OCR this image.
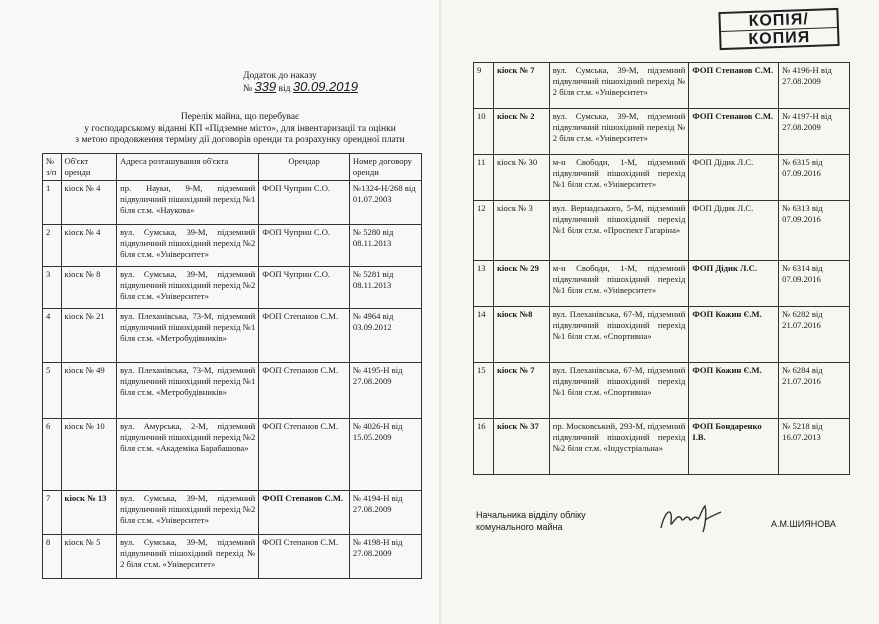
КОПІЯ/
КОПИЯ
Додаток до наказу
№ 339 від 30.09.2019
Перелік майна, що перебуває
у господарському віданні КП «Підземне місто», для інвентаризації та оцінки
з метою продовження терміну дії договорів оренди та розрахунку орендної плати
№ з/п	Об'єкт оренди	Адреса розташування об'єкта	Орендар	Номер договору оренди
1	кіоск № 4	пр. Науки, 9-М, підземний підвуличний пішохідний перехід №1 біля ст.м. «Наукова»	ФОП Чуприн С.О.	№1324-Н/268 від 01.07.2003
2	кіоск № 4	вул. Сумська, 39-М, підземний підвуличний пішохідний перехід №2 біля ст.м. «Університет»	ФОП Чуприн С.О.	№ 5280 від 08.11.2013
3	кіоск № 8	вул. Сумська, 39-М, підземний підвуличний пішохідний перехід №2 біля ст.м. «Університет»	ФОП Чуприн С.О.	№ 5281 від 08.11.2013
4	кіоск № 21	вул. Плеханівська, 73-М, підземний підвуличний пішохідний перехід №1 біля ст.м. «Метробудівників»	ФОП Степанов С.М.	№ 4964 від 03.09.2012
5	кіоск № 49	вул. Плеханівська, 73-М, підземний підвуличний пішохідний перехід №1 біля ст.м. «Метробудівників»	ФОП Степанов С.М.	№ 4195-Н від 27.08.2009
6	кіоск № 10	вул. Амурська, 2-М, підземний підвуличний пішохідний перехід №2 біля ст.м. «Академіка Барабашова»	ФОП Степанов С.М.	№ 4026-Н від 15.05.2009
7	кіоск № 13	вул. Сумська, 39-М, підземний підвуличний пішохідний перехід №2 біля ст.м. «Університет»	ФОП Степанов С.М.	№ 4194-Н від 27.08.2009
8	кіоск № 5	вул. Сумська, 39-М, підземний підвуличний пішохідний перехід № 2 біля ст.м. «Університет»	ФОП Степанов С.М.	№ 4198-Н від 27.08.2009
9	кіоск № 7	вул. Сумська, 39-М, підземний підвуличний пішохідний перехід № 2 біля ст.м. «Університет»	ФОП Степанов С.М.	№ 4196-Н від 27.08.2009
10	кіоск № 2	вул. Сумська, 39-М, підземний підвуличний пішохідний перехід № 2 біля ст.м. «Університет»	ФОП Степанов С.М.	№ 4197-Н від 27.08.2009
11	кіоск № 30	м-н Свободи, 1-М, підземний підвуличний пішохідний перехід №1 біля ст.м. «Університет»	ФОП Дідик Л.С.	№ 6315 від 07.09.2016
12	кіоск № 3	вул. Вернадського, 5-М, підземний підвуличний пішохідний перехід №1 біля ст.м. «Проспект Гагаріна»	ФОП Дідик Л.С.	№ 6313 від 07.09.2016
13	кіоск № 29	м-н Свободи, 1-М, підземний підвуличний пішохідний перехід №1 біля ст.м. «Університет»	ФОП Дідик Л.С.	№ 6314 від 07.09.2016
14	кіоск №8	вул. Плеханівська, 67-М, підземний підвуличний пішохідний перехід №1 біля ст.м. «Спортивна»	ФОП Кожин Є.М.	№ 6282 від 21.07.2016
15	кіоск № 7	вул. Плеханівська, 67-М, підземний підвуличний пішохідний перехід №1 біля ст.м. «Спортивна»	ФОП Кожин Є.М.	№ 6284 від 21.07.2016
16	кіоск № 37	пр. Московський, 293-М, підземний підвуличний пішохідний перехід №2 біля ст.м. «Індустріальна»	ФОП Бондаренко І.В.	№ 5218 від 16.07.2013
Начальника відділу обліку
комунального майна	А.М.ШИЯНОВА
